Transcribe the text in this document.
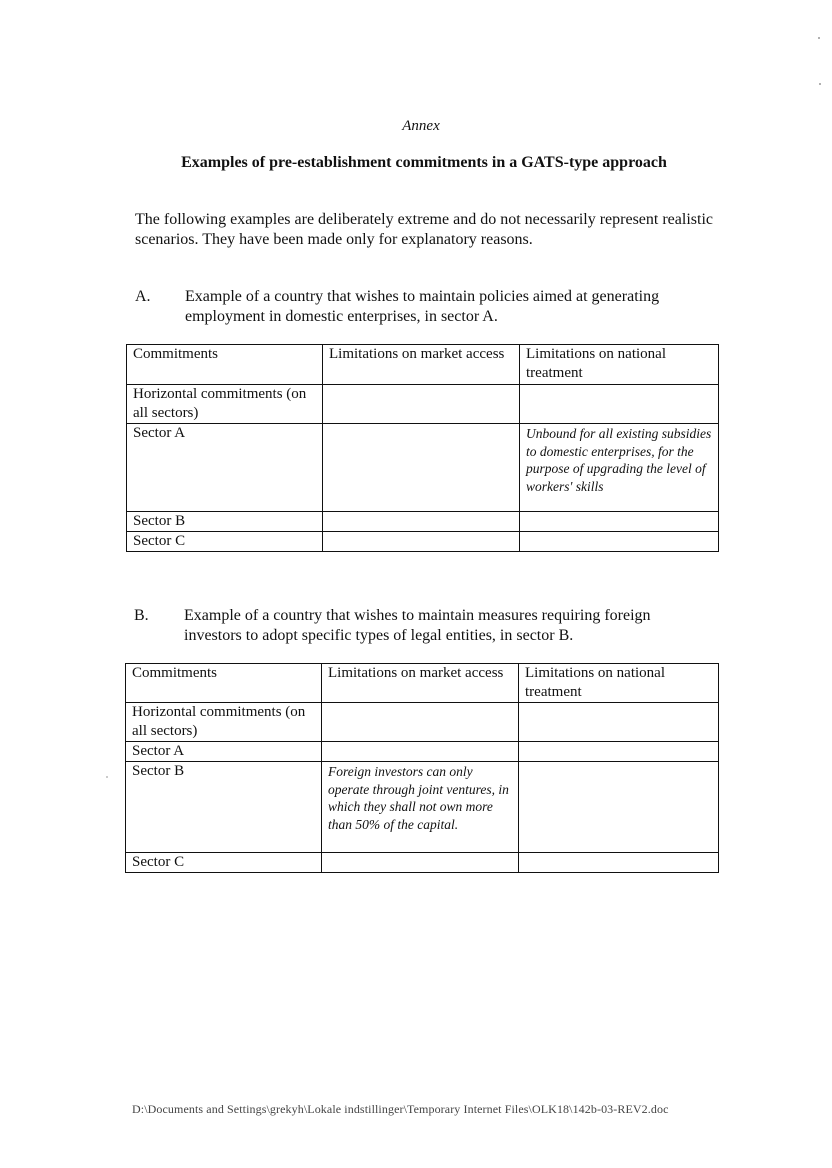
Annex
Examples of pre-establishment commitments in a GATS-type approach
The following examples are deliberately extreme and do not necessarily represent realistic scenarios. They have been made only for explanatory reasons.
A. Example of a country that wishes to maintain policies aimed at generating employment in domestic enterprises, in sector A.
Commitments	Limitations on market access	Limitations on national treatment
Horizontal commitments (on all sectors)		
Sector A		Unbound for all existing subsidies to domestic enterprises, for the purpose of upgrading the level of workers' skills
Sector B		
Sector C		
B. Example of a country that wishes to maintain measures requiring foreign investors to adopt specific types of legal entities, in sector B.
Commitments	Limitations on market access	Limitations on national treatment
Horizontal commitments (on all sectors)		
Sector A		
Sector B	Foreign investors can only operate through joint ventures, in which they shall not own more than 50% of the capital.	
Sector C		
D:\Documents and Settings\grekyh\Lokale indstillinger\Temporary Internet Files\OLK18\142b-03-REV2.doc
